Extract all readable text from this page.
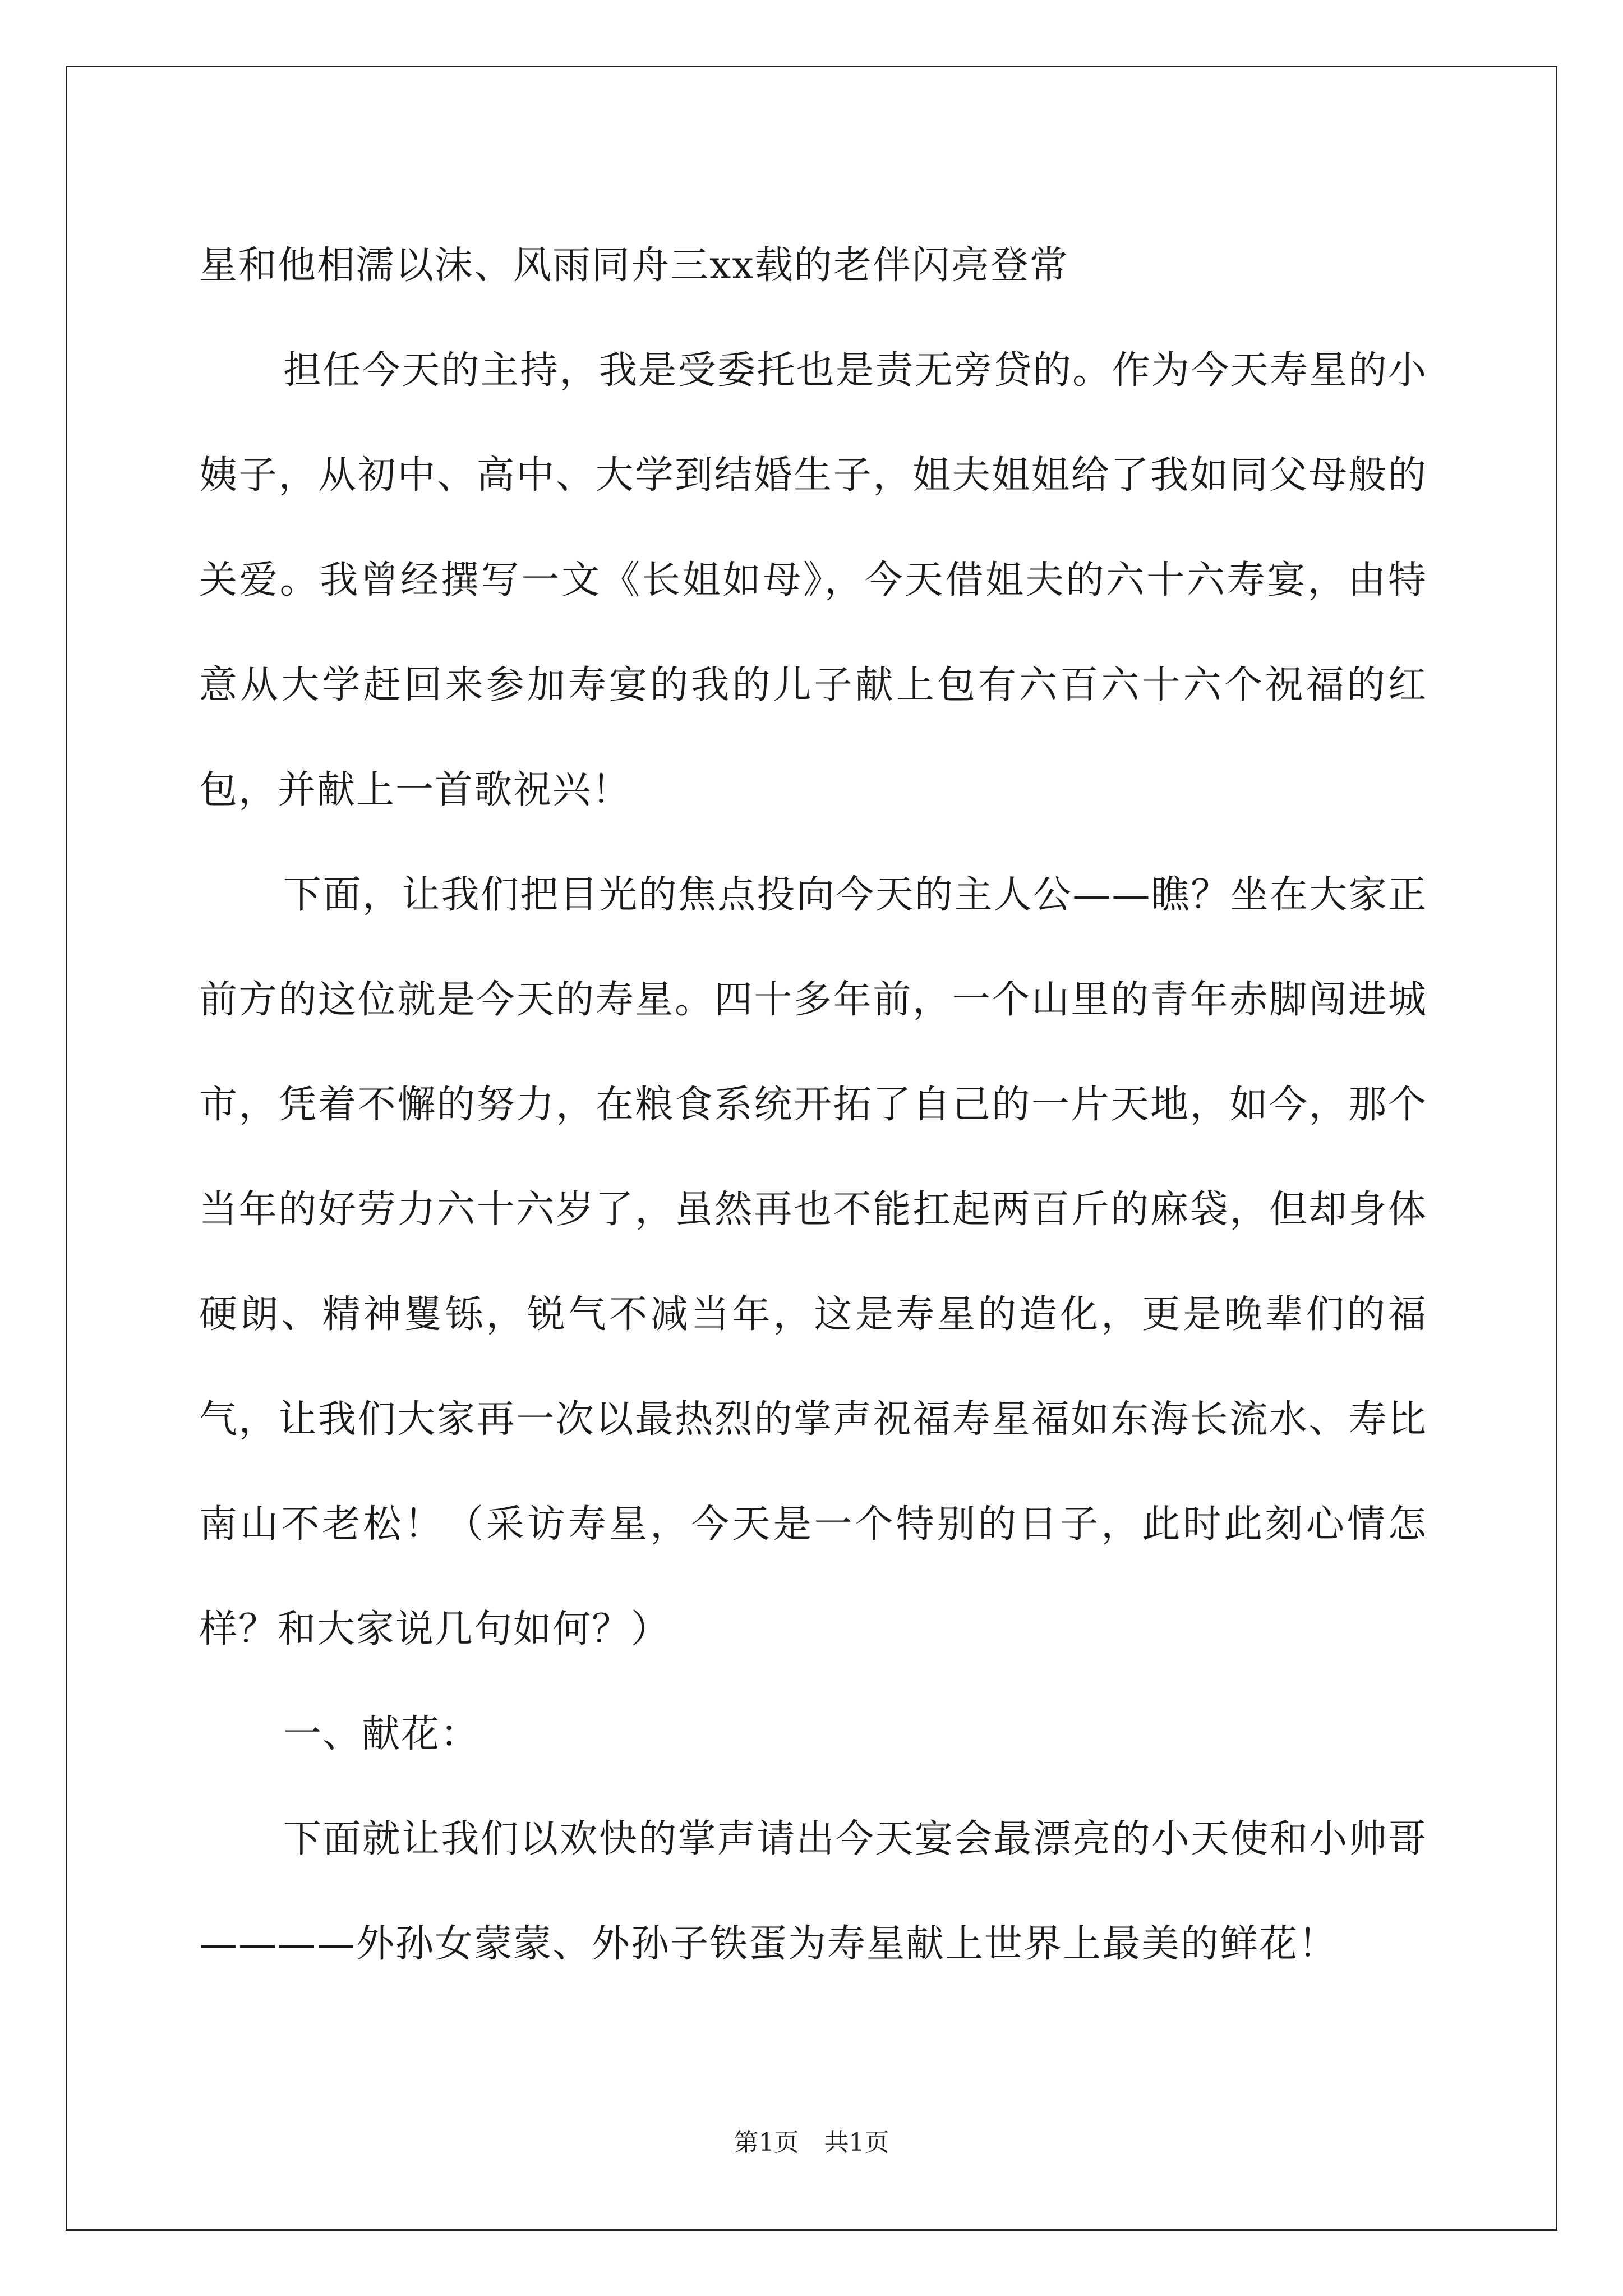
星和他相濡以沫、风雨同舟三xx载的老伴闪亮登常

担任今天的主持，我是受委托也是责无旁贷的。作为今天寿星的小姨子，从初中、高中、大学到结婚生子，姐夫姐姐给了我如同父母般的关爱。我曾经撰写一文《长姐如母》，今天借姐夫的六十六寿宴，由特意从大学赶回来参加寿宴的我的儿子献上包有六百六十六个祝福的红包，并献上一首歌祝兴！

下面，让我们把目光的焦点投向今天的主人公——瞧？坐在大家正前方的这位就是今天的寿星。四十多年前，一个山里的青年赤脚闯进城市，凭着不懈的努力，在粮食系统开拓了自己的一片天地，如今，那个当年的好劳力六十六岁了，虽然再也不能扛起两百斤的麻袋，但却身体硬朗、精神矍铄，锐气不减当年，这是寿星的造化，更是晚辈们的福气，让我们大家再一次以最热烈的掌声祝福寿星福如东海长流水、寿比南山不老松！（采访寿星，今天是一个特别的日子，此时此刻心情怎样？和大家说几句如何？）

一、献花：

下面就让我们以欢快的掌声请出今天宴会最漂亮的小天使和小帅哥————外孙女蒙蒙、外孙子铁蛋为寿星献上世界上最美的鲜花！

第1页 共1页
